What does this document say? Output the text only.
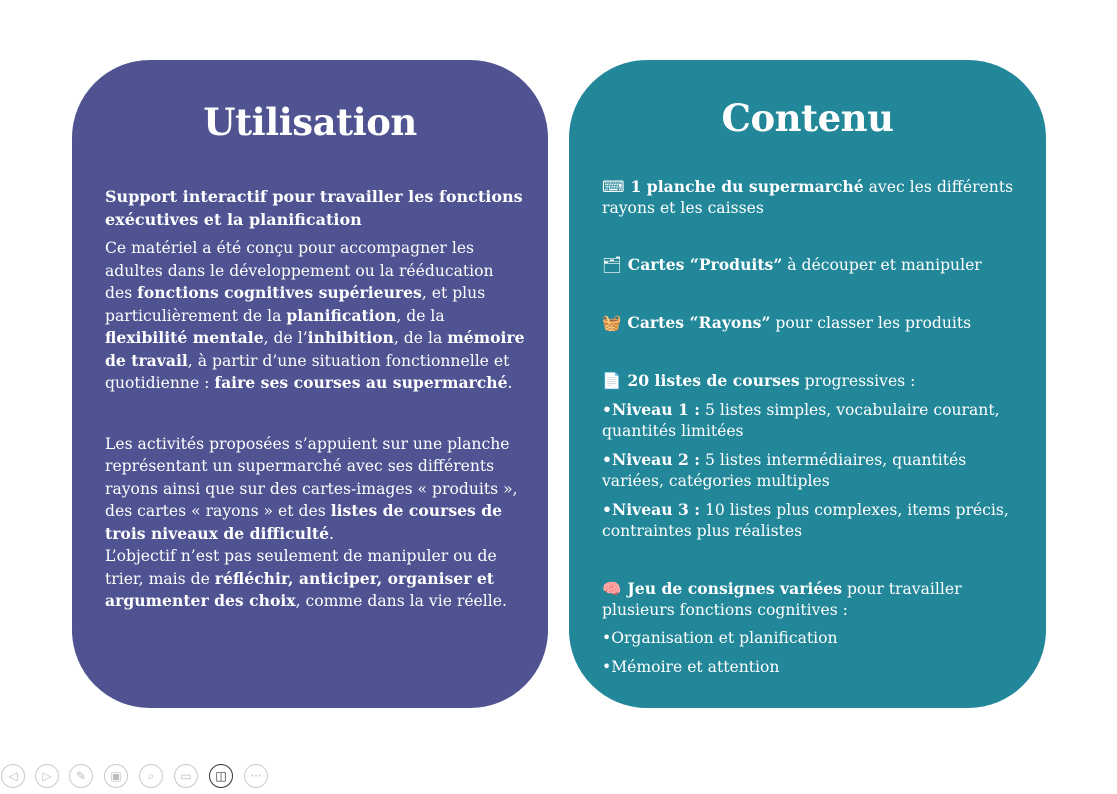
Utilisation

Support interactif pour travailler les fonctions exécutives et la planification

Ce matériel a été conçu pour accompagner les adultes dans le développement ou la rééducation des fonctions cognitives supérieures, et plus particulièrement de la planification, de la flexibilité mentale, de l’inhibition, de la mémoire de travail, à partir d’une situation fonctionnelle et quotidienne : faire ses courses au supermarché.

Les activités proposées s’appuient sur une planche représentant un supermarché avec ses différents rayons ainsi que sur des cartes-images « produits », des cartes « rayons » et des listes de courses de trois niveaux de difficulté.

L’objectif n’est pas seulement de manipuler ou de trier, mais de réfléchir, anticiper, organiser et argumenter des choix, comme dans la vie réelle.

Contenu

⌨ 1 planche du supermarché avec les différents rayons et les caisses

🗂 Cartes “Produits” à découper et manipuler

🧺 Cartes “Rayons” pour classer les produits

📄 20 listes de courses progressives :

•Niveau 1 : 5 listes simples, vocabulaire courant, quantités limitées

•Niveau 2 : 5 listes intermédiaires, quantités variées, catégories multiples

•Niveau 3 : 10 listes plus complexes, items précis, contraintes plus réalistes

🧠 Jeu de consignes variées pour travailler plusieurs fonctions cognitives :

•Organisation et planification

•Mémoire et attention

◁	▷	✎	▣	⌕	▭	◫	···
